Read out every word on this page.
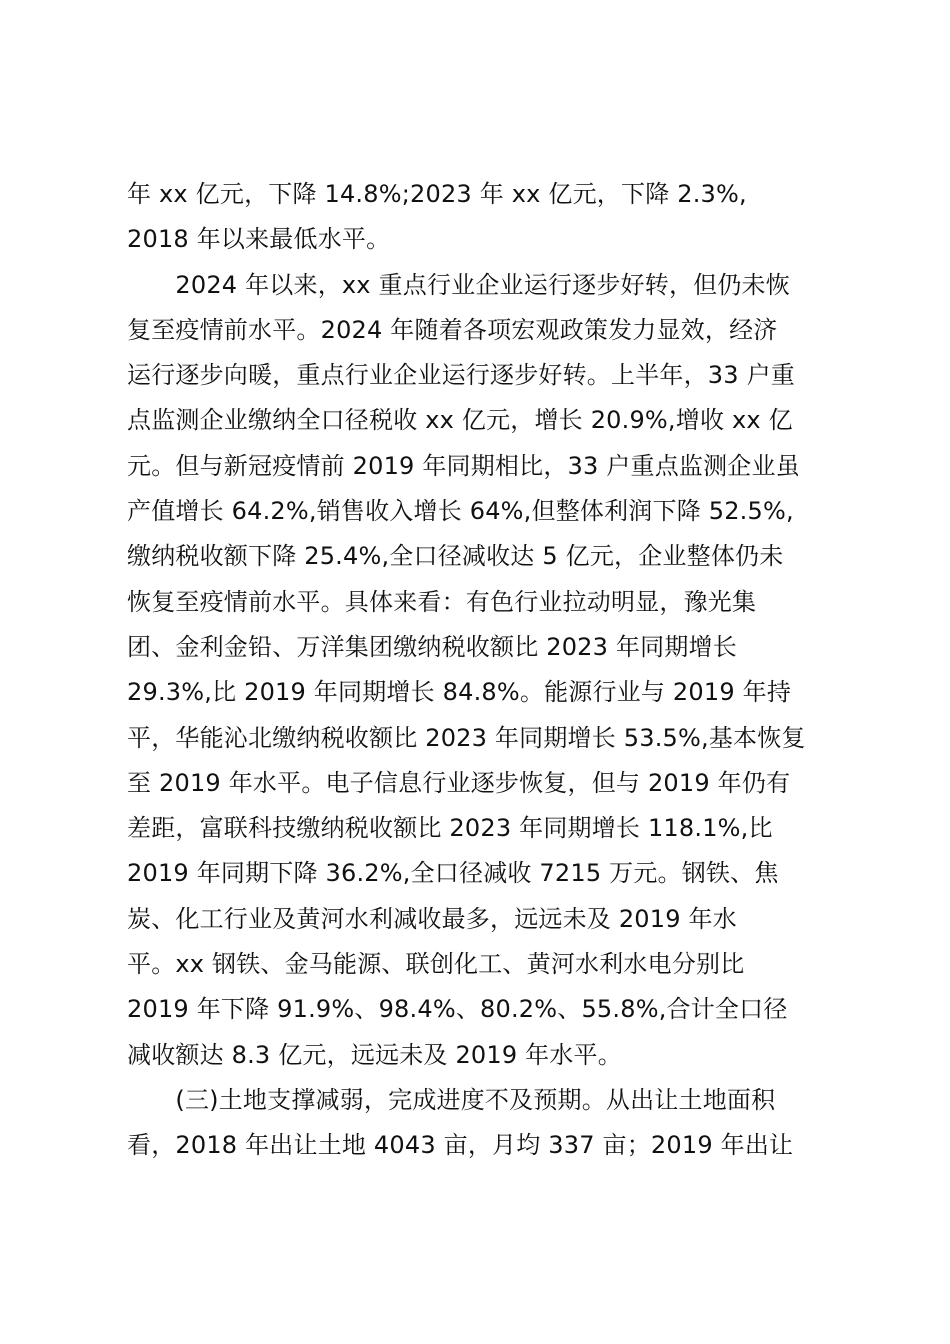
年 xx 亿元，下降 14.8%;2023 年 xx 亿元，下降 2.3%,
2018 年以来最低水平。
　　2024 年以来，xx 重点行业企业运行逐步好转，但仍未恢
复至疫情前水平。2024 年随着各项宏观政策发力显效，经济
运行逐步向暖，重点行业企业运行逐步好转。上半年，33 户重
点监测企业缴纳全口径税收 xx 亿元，增长 20.9%,增收 xx 亿
元。但与新冠疫情前 2019 年同期相比，33 户重点监测企业虽
产值增长 64.2%,销售收入增长 64%,但整体利润下降 52.5%,
缴纳税收额下降 25.4%,全口径减收达 5 亿元，企业整体仍未
恢复至疫情前水平。具体来看：有色行业拉动明显，豫光集
团、金利金铅、万洋集团缴纳税收额比 2023 年同期增长
29.3%,比 2019 年同期增长 84.8%。能源行业与 2019 年持
平，华能沁北缴纳税收额比 2023 年同期增长 53.5%,基本恢复
至 2019 年水平。电子信息行业逐步恢复，但与 2019 年仍有
差距，富联科技缴纳税收额比 2023 年同期增长 118.1%,比
2019 年同期下降 36.2%,全口径减收 7215 万元。钢铁、焦
炭、化工行业及黄河水利减收最多，远远未及 2019 年水
平。xx 钢铁、金马能源、联创化工、黄河水利水电分别比
2019 年下降 91.9%、98.4%、80.2%、55.8%,合计全口径
减收额达 8.3 亿元，远远未及 2019 年水平。
　　(三)土地支撑减弱，完成进度不及预期。从出让土地面积
看，2018 年出让土地 4043 亩，月均 337 亩；2019 年出让
